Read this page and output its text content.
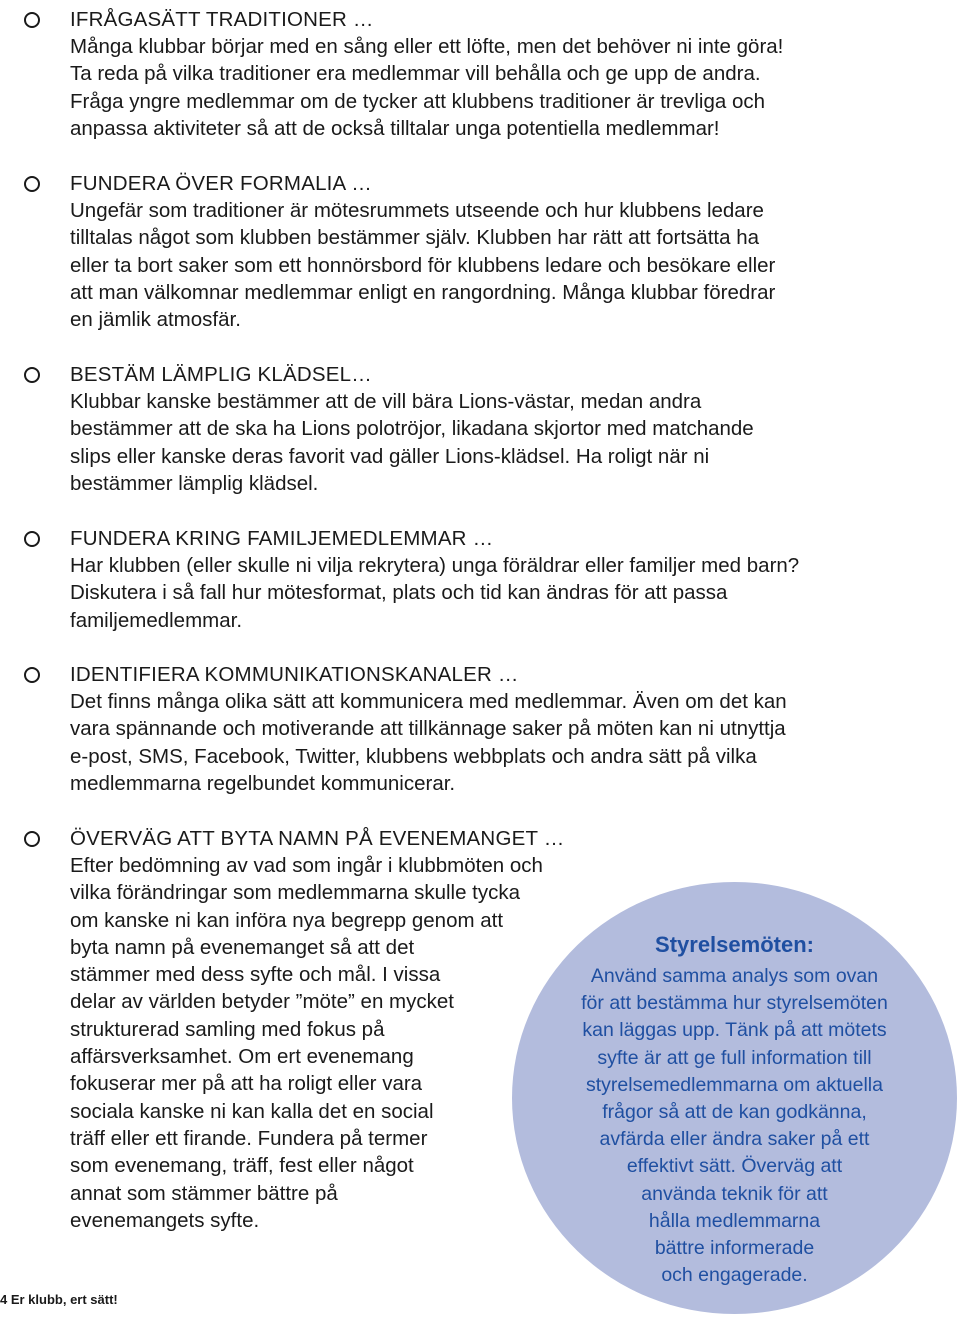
IFRÅGASÄTT TRADITIONER …
Många klubbar börjar med en sång eller ett löfte, men det behöver ni inte göra!
Ta reda på vilka traditioner era medlemmar vill behålla och ge upp de andra.
Fråga yngre medlemmar om de tycker att klubbens traditioner är trevliga och
anpassa aktiviteter så att de också tilltalar unga potentiella medlemmar!
FUNDERA ÖVER FORMALIA …
Ungefär som traditioner är mötesrummets utseende och hur klubbens ledare
tilltalas något som klubben bestämmer själv. Klubben har rätt att fortsätta ha
eller ta bort saker som ett honnörsbord för klubbens ledare och besökare eller
att man välkomnar medlemmar enligt en rangordning. Många klubbar föredrar
en jämlik atmosfär.
BESTÄM LÄMPLIG KLÄDSEL…
Klubbar kanske bestämmer att de vill bära Lions-västar, medan andra
bestämmer att de ska ha Lions polotröjor, likadana skjortor med matchande
slips eller kanske deras favorit vad gäller Lions-klädsel. Ha roligt när ni
bestämmer lämplig klädsel.
FUNDERA KRING FAMILJEMEDLEMMAR …
Har klubben (eller skulle ni vilja rekrytera) unga föräldrar eller familjer med barn?
Diskutera i så fall hur mötesformat, plats och tid kan ändras för att passa
familjemedlemmar.
IDENTIFIERA KOMMUNIKATIONSKANALER …
Det finns många olika sätt att kommunicera med medlemmar. Även om det kan
vara spännande och motiverande att tillkännage saker på möten kan ni utnyttja
e-post, SMS, Facebook, Twitter, klubbens webbplats och andra sätt på vilka
medlemmarna regelbundet kommunicerar.
ÖVERVÄG ATT BYTA NAMN PÅ EVENEMANGET …
Efter bedömning av vad som ingår i klubbmöten och
vilka förändringar som medlemmarna skulle tycka
om kanske ni kan införa nya begrepp genom att
byta namn på evenemanget så att det
stämmer med dess syfte och mål. I vissa
delar av världen betyder ”möte” en mycket
strukturerad samling med fokus på
affärsverksamhet. Om ert evenemang
fokuserar mer på att ha roligt eller vara
sociala kanske ni kan kalla det en social
träff eller ett firande. Fundera på termer
som evenemang, träff, fest eller något
annat som stämmer bättre på
evenemangets syfte.
Styrelsemöten:
Använd samma analys som ovan
för att bestämma hur styrelsemöten
kan läggas upp. Tänk på att mötets
syfte är att ge full information till
styrelsemedlemmarna om aktuella
frågor så att de kan godkänna,
avfärda eller ändra saker på ett
effektivt sätt. Överväg att
använda teknik för att
hålla medlemmarna
bättre informerade
och engagerade.
4 Er klubb, ert sätt!
